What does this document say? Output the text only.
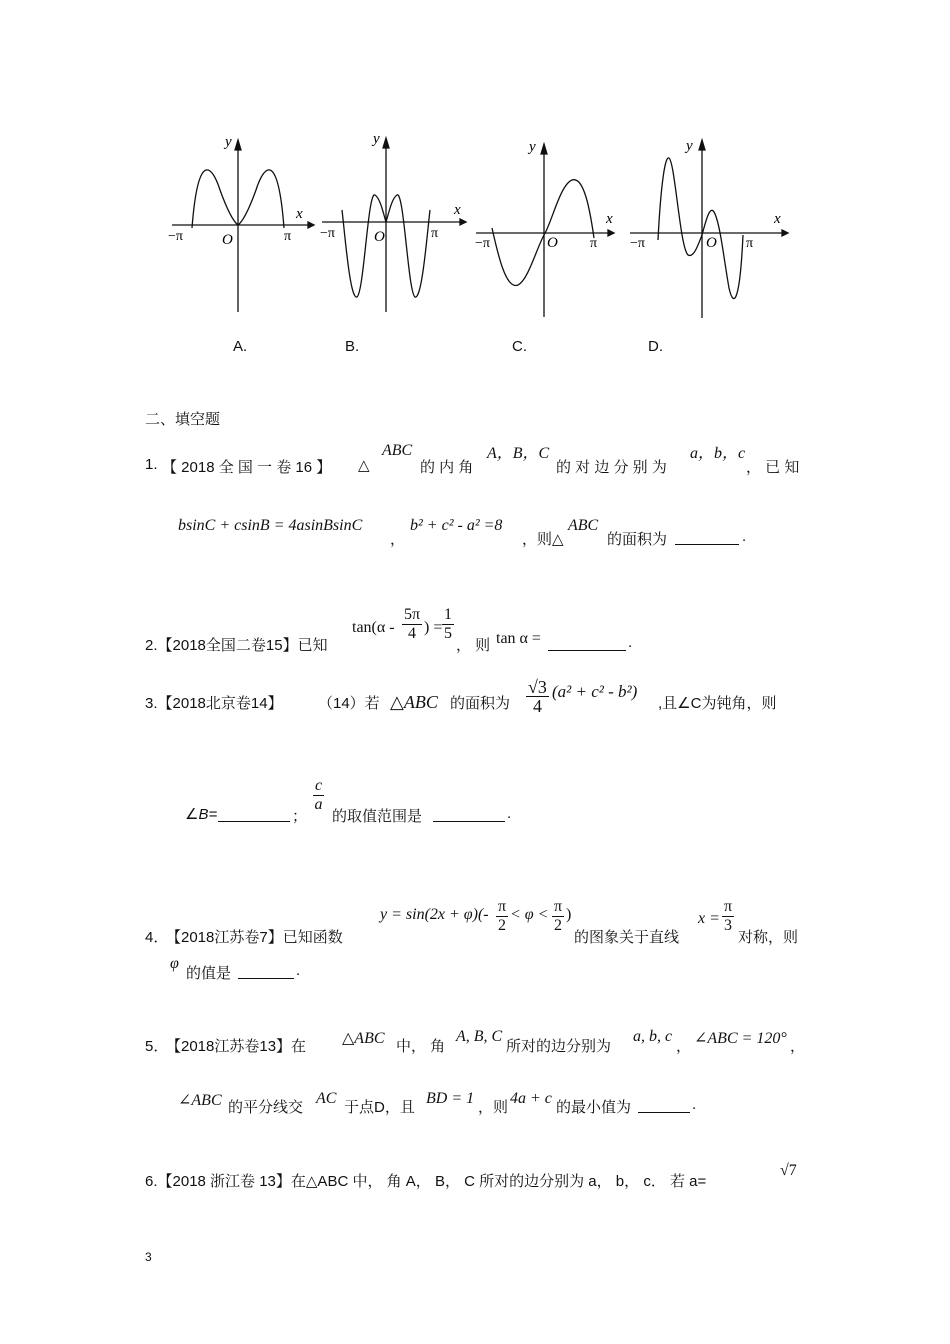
y
x
O
−π	π
y
x
O
−π	π
y
x
O
−π	π
y
x
O
−π	π
A.	B.	C.	D.
二、填空题
1. 【 2018 全 国 一 卷 16 】 △
ABC
的 内 角
A，B，C
的 对 边 分 别 为
a，b，c
， 已 知
bsinC + csinB = 4asinBsinC
，
b² + c² - a² =8
，则△
ABC
的面积为	.
2.【2018全国二卷15】已知
$\tan(\alpha - \frac{5\pi}{4}$ ) = $\frac{1}{5}$
， 则 tan α =	.
3.【2018北京卷14】 （14）若 △ABC 的面积为 $\frac{√3}{4} (a^2 + c^2 - b^2)$
,且∠C为钝角，则
∠B=	；
$\frac{c}{a}$
的取值范围是	.
4．
【2018江苏卷7】已知函数
$y = \sin(2x + \varphi)(- \frac{\pi}{2} < \varphi < \frac{\pi}{2}$ )
的图象关于直线
$x = \frac{\pi}{3}$
对称，则
φ
的值是	.
5．
【2018江苏卷13】在 △ABC 中， 角
A, B, C
所对的边分别为
a, b, c
， ∠ABC = 120° ，
∠ABC 的平分线交
AC
于点D，且
BD = 1
，则
4a + c
的最小值为	.
6.【2018 浙江卷 13】在△ABC 中， 角 A， B， C 所对的边分别为 a， b， c． 若 a=
√7
3
